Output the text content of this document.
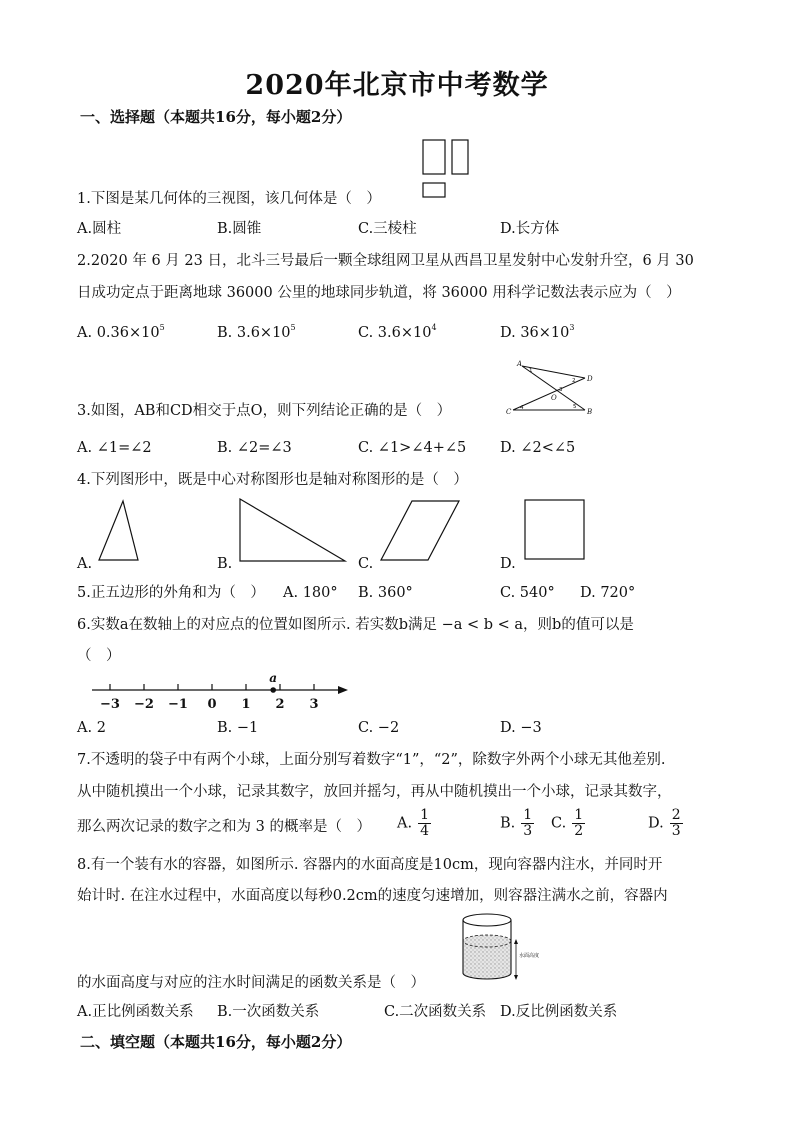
2020年北京市中考数学
一、选择题（本题共16分，每小题2分）
1.下图是某几何体的三视图，该几何体是（　）
A.圆柱	B.圆锥	C.三棱柱	D.长方体
2.2020 年 6 月 23 日，北斗三号最后一颗全球组网卫星从西昌卫星发射中心发射升空，6 月 30
日成功定点于距离地球 36000 公里的地球同步轨道，将 36000 用科学记数法表示应为（　）
A. $0.36\times 10^5$	B. $3.6\times 10^5$	C. $3.6\times 10^4$	D. $36\times 10^3$
A
D
O
C	B
1
2
3
4	5
3.如图，AB和CD相交于点O，则下列结论正确的是（　）
A. ∠1=∠2	B. ∠2=∠3	C. ∠1>∠4+∠5 D. ∠2<∠5
4.下列图形中，既是中心对称图形也是轴对称图形的是（　）
A.	B.	C.	D.
5.正五边形的外角和为（　） A. 180° B. 360°	C. 540° D. 720°
6.实数a在数轴上的对应点的位置如图所示. 若实数b满足 −a < b < a，则b的值可以是
（　）
−3 −2 −1 0 1 2 3
a
A. 2	B. −1	C. −2	D. −3
7.不透明的袋子中有两个小球，上面分别写着数字“1”，“2”，除数字外两个小球无其他差别.
从中随机摸出一个小球，记录其数字，放回并摇匀，再从中随机摸出一个小球，记录其数字，
那么两次记录的数字之和为 3 的概率是（　） A. $\frac{1}{4}$	B. $\frac{1}{3} C$. $\frac{1}{2}$	D. $\frac{2}{3}$
8.有一个装有水的容器，如图所示. 容器内的水面高度是10cm，现向容器内注水，并同时开
始计时. 在注水过程中，水面高度以每秒0.2cm的速度匀速增加，则容器注满水之前，容器内
水面高度
的水面高度与对应的注水时间满足的函数关系是（　）
A.正比例函数关系 B.一次函数关系	C.二次函数关系 D.反比例函数关系
二、填空题（本题共16分，每小题2分）
